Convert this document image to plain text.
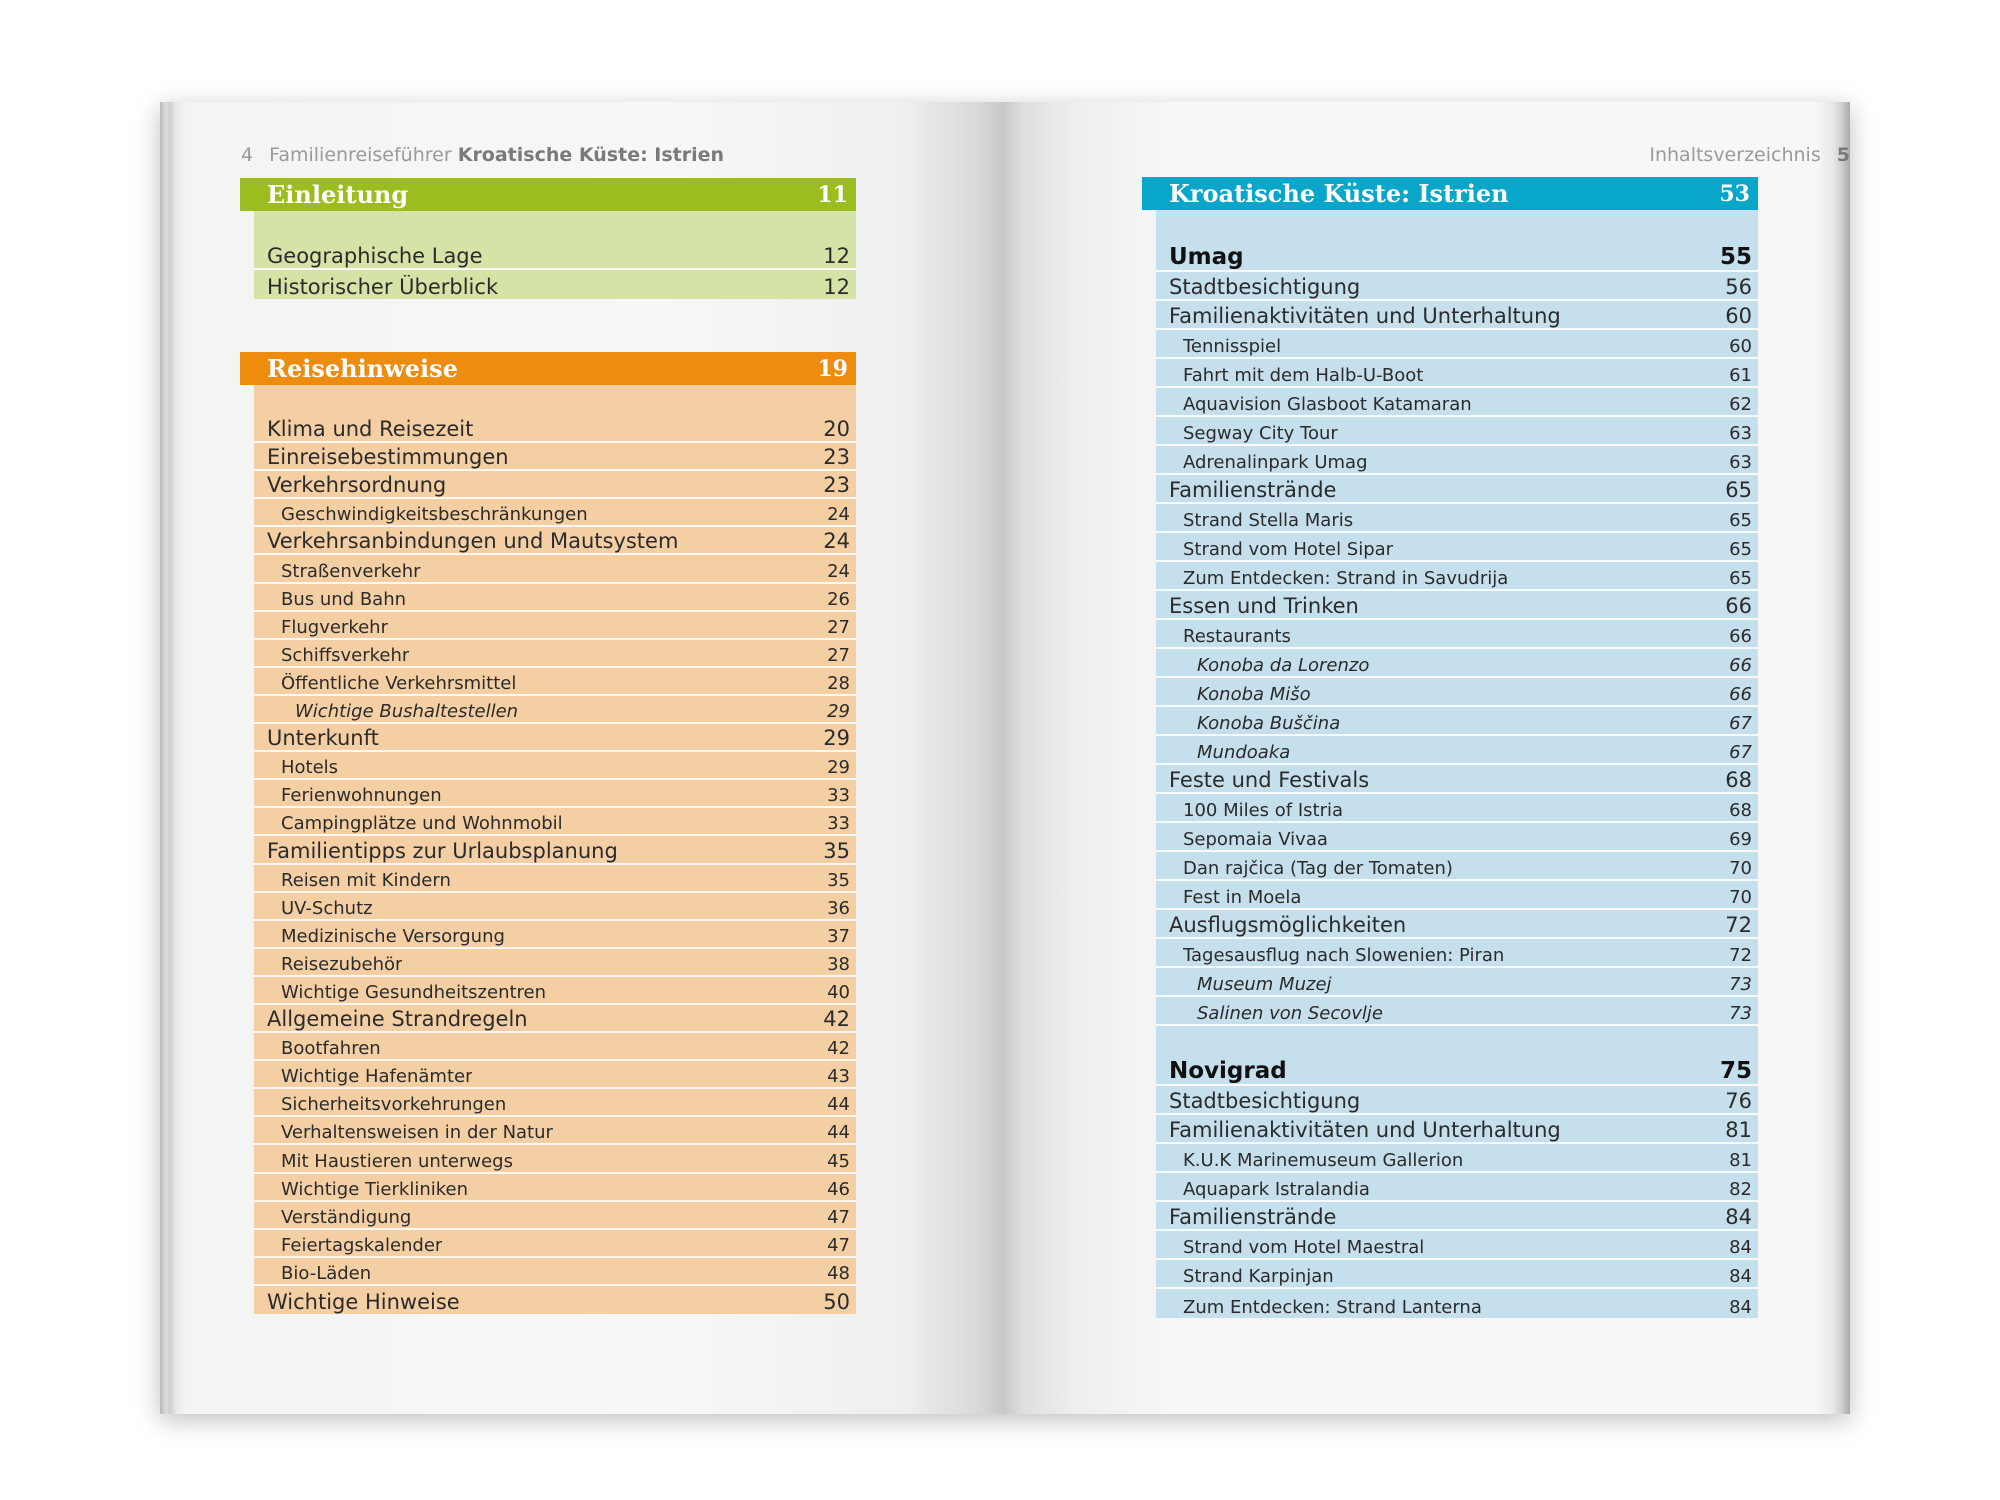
4 Familienreiseführer Kroatische Küste: Istrien	Inhaltsverzeichnis 5
Einleitung	11
Geographische Lage	12
Historischer Überblick	12
Reisehinweise	19
Klima und Reisezeit	20
Einreisebestimmungen	23
Verkehrsordnung	23
Geschwindigkeitsbeschränkungen	24
Verkehrsanbindungen und Mautsystem	24
Straßenverkehr	24
Bus und Bahn	26
Flugverkehr	27
Schiffsverkehr	27
Öffentliche Verkehrsmittel	28
Wichtige Bushaltestellen	29
Unterkunft	29
Hotels	29
Ferienwohnungen	33
Campingplätze und Wohnmobil	33
Familientipps zur Urlaubsplanung	35
Reisen mit Kindern	35
UV-Schutz	36
Medizinische Versorgung	37
Reisezubehör	38
Wichtige Gesundheitszentren	40
Allgemeine Strandregeln	42
Bootfahren	42
Wichtige Hafenämter	43
Sicherheitsvorkehrungen	44
Verhaltensweisen in der Natur	44
Mit Haustieren unterwegs	45
Wichtige Tierkliniken	46
Verständigung	47
Feiertagskalender	47
Bio-Läden	48
Wichtige Hinweise	50
Kroatische Küste: Istrien	53
Umag	55
Stadtbesichtigung	56
Familienaktivitäten und Unterhaltung	60
Tennisspiel	60
Fahrt mit dem Halb-U-Boot	61
Aquavision Glasboot Katamaran	62
Segway City Tour	63
Adrenalinpark Umag	63
Familienstrände	65
Strand Stella Maris	65
Strand vom Hotel Sipar	65
Zum Entdecken: Strand in Savudrija	65
Essen und Trinken	66
Restaurants	66
Konoba da Lorenzo	66
Konoba Mišo	66
Konoba Buščina	67
Mundoaka	67
Feste und Festivals	68
100 Miles of Istria	68
Sepomaia Vivaa	69
Dan rajčica (Tag der Tomaten)	70
Fest in Moela	70
Ausflugsmöglichkeiten	72
Tagesausflug nach Slowenien: Piran	72
Museum Muzej	73
Salinen von Secovlje	73
Novigrad	75
Stadtbesichtigung	76
Familienaktivitäten und Unterhaltung	81
K.U.K Marinemuseum Gallerion	81
Aquapark Istralandia	82
Familienstrände	84
Strand vom Hotel Maestral	84
Strand Karpinjan	84
Zum Entdecken: Strand Lanterna	84
